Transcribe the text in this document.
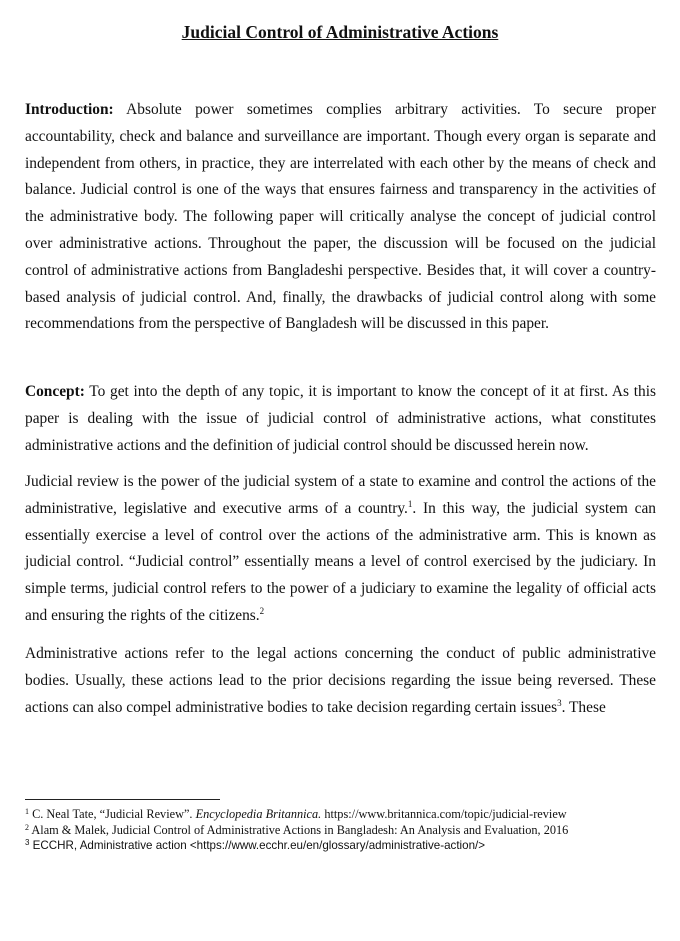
Judicial Control of Administrative Actions

Introduction: Absolute power sometimes complies arbitrary activities. To secure proper accountability, check and balance and surveillance are important. Though every organ is separate and independent from others, in practice, they are interrelated with each other by the means of check and balance. Judicial control is one of the ways that ensures fairness and transparency in the activities of the administrative body. The following paper will critically analyse the concept of judicial control over administrative actions. Throughout the paper, the discussion will be focused on the judicial control of administrative actions from Bangladeshi perspective. Besides that, it will cover a country-based analysis of judicial control. And, finally, the drawbacks of judicial control along with some recommendations from the perspective of Bangladesh will be discussed in this paper.

Concept: To get into the depth of any topic, it is important to know the concept of it at first. As this paper is dealing with the issue of judicial control of administrative actions, what constitutes administrative actions and the definition of judicial control should be discussed herein now.

Judicial review is the power of the judicial system of a state to examine and control the actions of the administrative, legislative and executive arms of a country.$^1$. In this way, the judicial system can essentially exercise a level of control over the actions of the administrative arm. This is known as judicial control. “Judicial control” essentially means a level of control exercised by the judiciary. In simple terms, judicial control refers to the power of a judiciary to examine the legality of official acts and ensuring the rights of the citizens.$^2$

Administrative actions refer to the legal actions concerning the conduct of public administrative bodies. Usually, these actions lead to the prior decisions regarding the issue being reversed. These actions can also compel administrative bodies to take decision regarding certain issues$^3$. These

$^1$ C. Neal Tate, “Judicial Review”. Encyclopedia Britannica. https://www.britannica.com/topic/judicial-review

$^2$ Alam & Malek, Judicial Control of Administrative Actions in Bangladesh: An Analysis and Evaluation, 2016

$^3$ ECCHR, Administrative action <https://www.ecchr.eu/en/glossary/administrative-action/>
